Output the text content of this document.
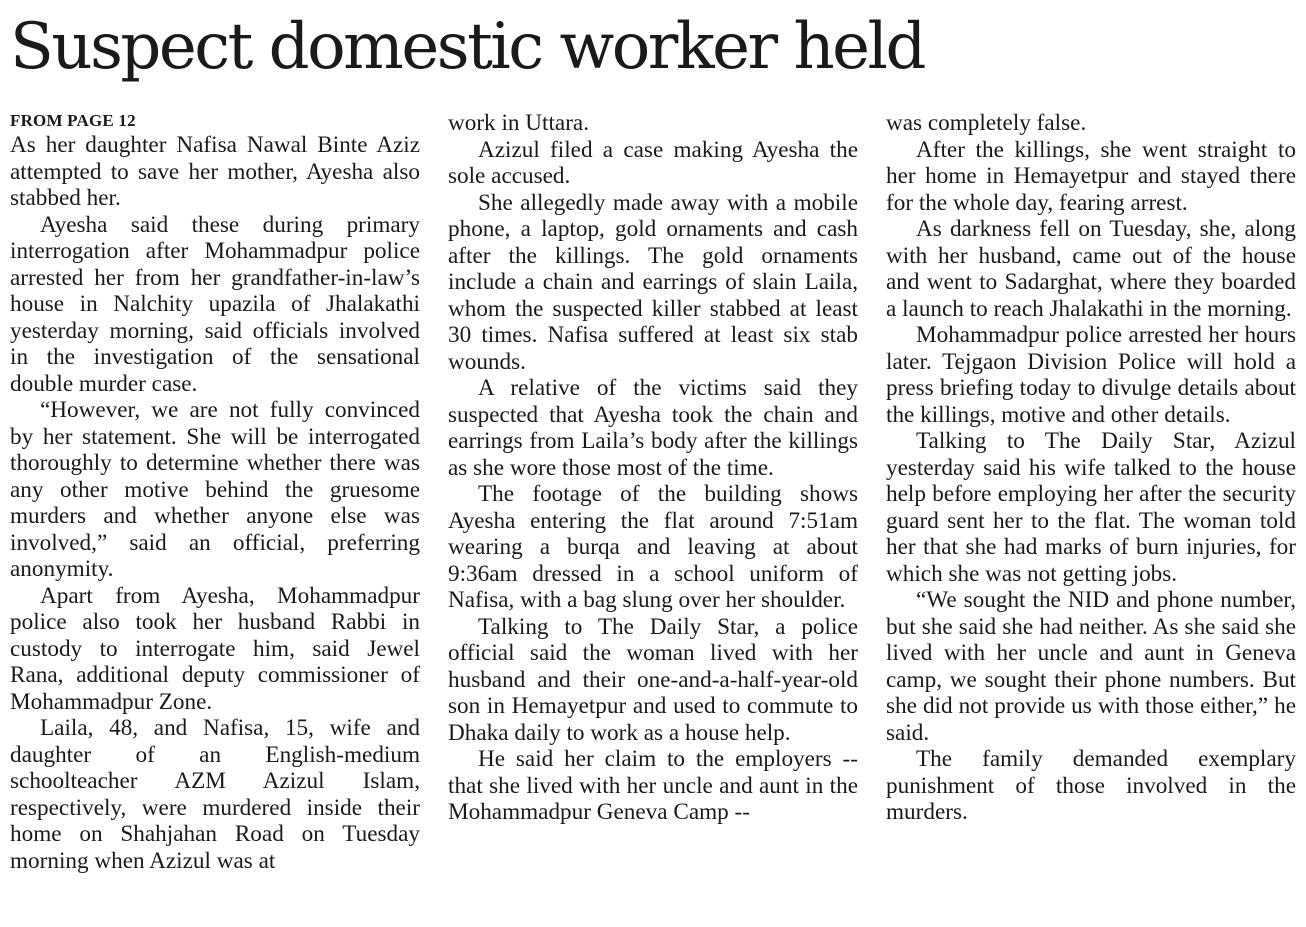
Suspect domestic worker held
FROM PAGE 12

As her daughter Nafisa Nawal Binte Aziz attempted to save her mother, Ayesha also stabbed her.

Ayesha said these during primary interrogation after Mohammadpur police arrested her from her grandfather-in-law’s house in Nalchity upazila of Jhalakathi yesterday morning, said officials involved in the investigation of the sensational double murder case.

“However, we are not fully convinced by her statement. She will be interrogated thoroughly to determine whether there was any other motive behind the gruesome murders and whether anyone else was involved,” said an official, preferring anonymity.

Apart from Ayesha, Mohammadpur police also took her husband Rabbi in custody to interrogate him, said Jewel Rana, additional deputy commissioner of Mohammadpur Zone.

Laila, 48, and Nafisa, 15, wife and daughter of an English-medium schoolteacher AZM Azizul Islam, respectively, were murdered inside their home on Shahjahan Road on Tuesday morning when Azizul was at

work in Uttara.

Azizul filed a case making Ayesha the sole accused.

She allegedly made away with a mobile phone, a laptop, gold ornaments and cash after the killings. The gold ornaments include a chain and earrings of slain Laila, whom the suspected killer stabbed at least 30 times. Nafisa suffered at least six stab wounds.

A relative of the victims said they suspected that Ayesha took the chain and earrings from Laila’s body after the killings as she wore those most of the time.

The footage of the building shows Ayesha entering the flat around 7:51am wearing a burqa and leaving at about 9:36am dressed in a school uniform of Nafisa, with a bag slung over her shoulder.

Talking to The Daily Star, a police official said the woman lived with her husband and their one-and-a-half-year-old son in Hemayetpur and used to commute to Dhaka daily to work as a house help.

He said her claim to the employers -- that she lived with her uncle and aunt in the Mohammadpur Geneva Camp --

was completely false.

After the killings, she went straight to her home in Hemayetpur and stayed there for the whole day, fearing arrest.

As darkness fell on Tuesday, she, along with her husband, came out of the house and went to Sadarghat, where they boarded a launch to reach Jhalakathi in the morning.

Mohammadpur police arrested her hours later. Tejgaon Division Police will hold a press briefing today to divulge details about the killings, motive and other details.

Talking to The Daily Star, Azizul yesterday said his wife talked to the house help before employing her after the security guard sent her to the flat. The woman told her that she had marks of burn injuries, for which she was not getting jobs.

“We sought the NID and phone number, but she said she had neither. As she said she lived with her uncle and aunt in Geneva camp, we sought their phone numbers. But she did not provide us with those either,” he said.

The family demanded exemplary punishment of those involved in the murders.
